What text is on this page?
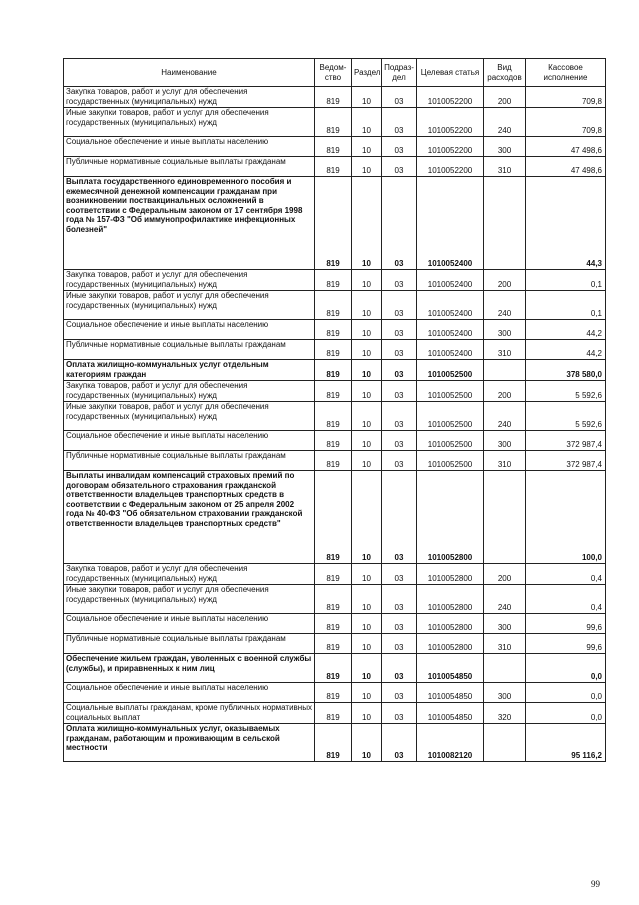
Наименование	Ведом-ство	Раздел	Подраз-дел	Целевая статья	Вид расходов	Кассовое исполнение
Закупка товаров, работ и услуг для обеспечения государственных (муниципальных) нужд	819	10	03	1010052200	200	709,8
Иные закупки товаров, работ и услуг для обеспечения государственных (муниципальных) нужд	819	10	03	1010052200	240	709,8
Социальное обеспечение и иные выплаты населению	819	10	03	1010052200	300	47 498,6
Публичные нормативные социальные выплаты гражданам	819	10	03	1010052200	310	47 498,6
Выплата государственного единовременного пособия и ежемесячной денежной компенсации гражданам при возникновении поствакцинальных осложнений в соответствии с Федеральным законом от 17 сентября 1998 года № 157-ФЗ "Об иммунопрофилактике инфекционных болезней"	819	10	03	1010052400		44,3
Закупка товаров, работ и услуг для обеспечения государственных (муниципальных) нужд	819	10	03	1010052400	200	0,1
Иные закупки товаров, работ и услуг для обеспечения государственных (муниципальных) нужд	819	10	03	1010052400	240	0,1
Социальное обеспечение и иные выплаты населению	819	10	03	1010052400	300	44,2
Публичные нормативные социальные выплаты гражданам	819	10	03	1010052400	310	44,2
Оплата жилищно-коммунальных услуг отдельным категориям граждан	819	10	03	1010052500		378 580,0
Закупка товаров, работ и услуг для обеспечения государственных (муниципальных) нужд	819	10	03	1010052500	200	5 592,6
Иные закупки товаров, работ и услуг для обеспечения государственных (муниципальных) нужд	819	10	03	1010052500	240	5 592,6
Социальное обеспечение и иные выплаты населению	819	10	03	1010052500	300	372 987,4
Публичные нормативные социальные выплаты гражданам	819	10	03	1010052500	310	372 987,4
Выплаты инвалидам компенсаций страховых премий по договорам обязательного страхования гражданской ответственности владельцев транспортных средств в соответствии с Федеральным законом от 25 апреля 2002 года № 40-ФЗ "Об обязательном страховании гражданской ответственности владельцев транспортных средств"	819	10	03	1010052800		100,0
Закупка товаров, работ и услуг для обеспечения государственных (муниципальных) нужд	819	10	03	1010052800	200	0,4
Иные закупки товаров, работ и услуг для обеспечения государственных (муниципальных) нужд	819	10	03	1010052800	240	0,4
Социальное обеспечение и иные выплаты населению	819	10	03	1010052800	300	99,6
Публичные нормативные социальные выплаты гражданам	819	10	03	1010052800	310	99,6
Обеспечение жильем граждан, уволенных с военной службы (службы), и приравненных к ним лиц	819	10	03	1010054850		0,0
Социальное обеспечение и иные выплаты населению	819	10	03	1010054850	300	0,0
Социальные выплаты гражданам, кроме публичных нормативных социальных выплат	819	10	03	1010054850	320	0,0
Оплата жилищно-коммунальных услуг, оказываемых гражданам, работающим и проживающим в сельской местности	819	10	03	1010082120		95 116,2
99
